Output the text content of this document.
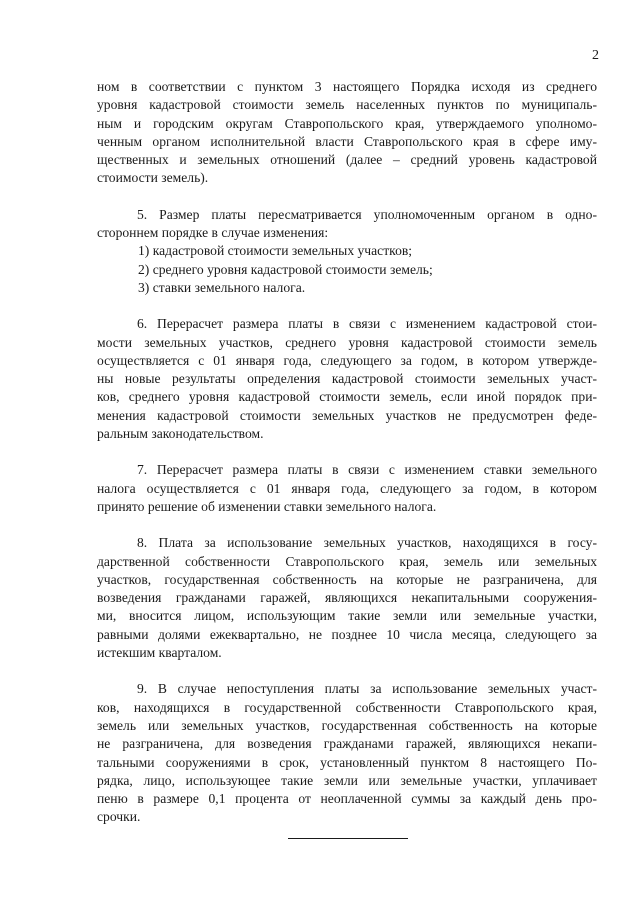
2
ном в соответствии с пунктом 3 настоящего Порядка исходя из среднего
уровня кадастровой стоимости земель населенных пунктов по муниципаль-
ным и городским округам Ставропольского края, утверждаемого уполномо-
ченным органом исполнительной власти Ставропольского края в сфере иму-
щественных и земельных отношений (далее – средний уровень кадастровой
стоимости земель).
5. Размер платы пересматривается уполномоченным органом в одно-
стороннем порядке в случае изменения:
1) кадастровой стоимости земельных участков;
2) среднего уровня кадастровой стоимости земель;
3) ставки земельного налога.
6. Перерасчет размера платы в связи с изменением кадастровой стои-
мости земельных участков, среднего уровня кадастровой стоимости земель
осуществляется с 01 января года, следующего за годом, в котором утвержде-
ны новые результаты определения кадастровой стоимости земельных участ-
ков, среднего уровня кадастровой стоимости земель, если иной порядок при-
менения кадастровой стоимости земельных участков не предусмотрен феде-
ральным законодательством.
7. Перерасчет размера платы в связи с изменением ставки земельного
налога осуществляется с 01 января года, следующего за годом, в котором
принято решение об изменении ставки земельного налога.
8. Плата за использование земельных участков, находящихся в госу-
дарственной собственности Ставропольского края, земель или земельных
участков, государственная собственность на которые не разграничена, для
возведения гражданами гаражей, являющихся некапитальными сооружения-
ми, вносится лицом, использующим такие земли или земельные участки,
равными долями ежеквартально, не позднее 10 числа месяца, следующего за
истекшим кварталом.
9. В случае непоступления платы за использование земельных участ-
ков, находящихся в государственной собственности Ставропольского края,
земель или земельных участков, государственная собственность на которые
не разграничена, для возведения гражданами гаражей, являющихся некапи-
тальными сооружениями в срок, установленный пунктом 8 настоящего По-
рядка, лицо, использующее такие земли или земельные участки, уплачивает
пеню в размере 0,1 процента от неоплаченной суммы за каждый день про-
срочки.
